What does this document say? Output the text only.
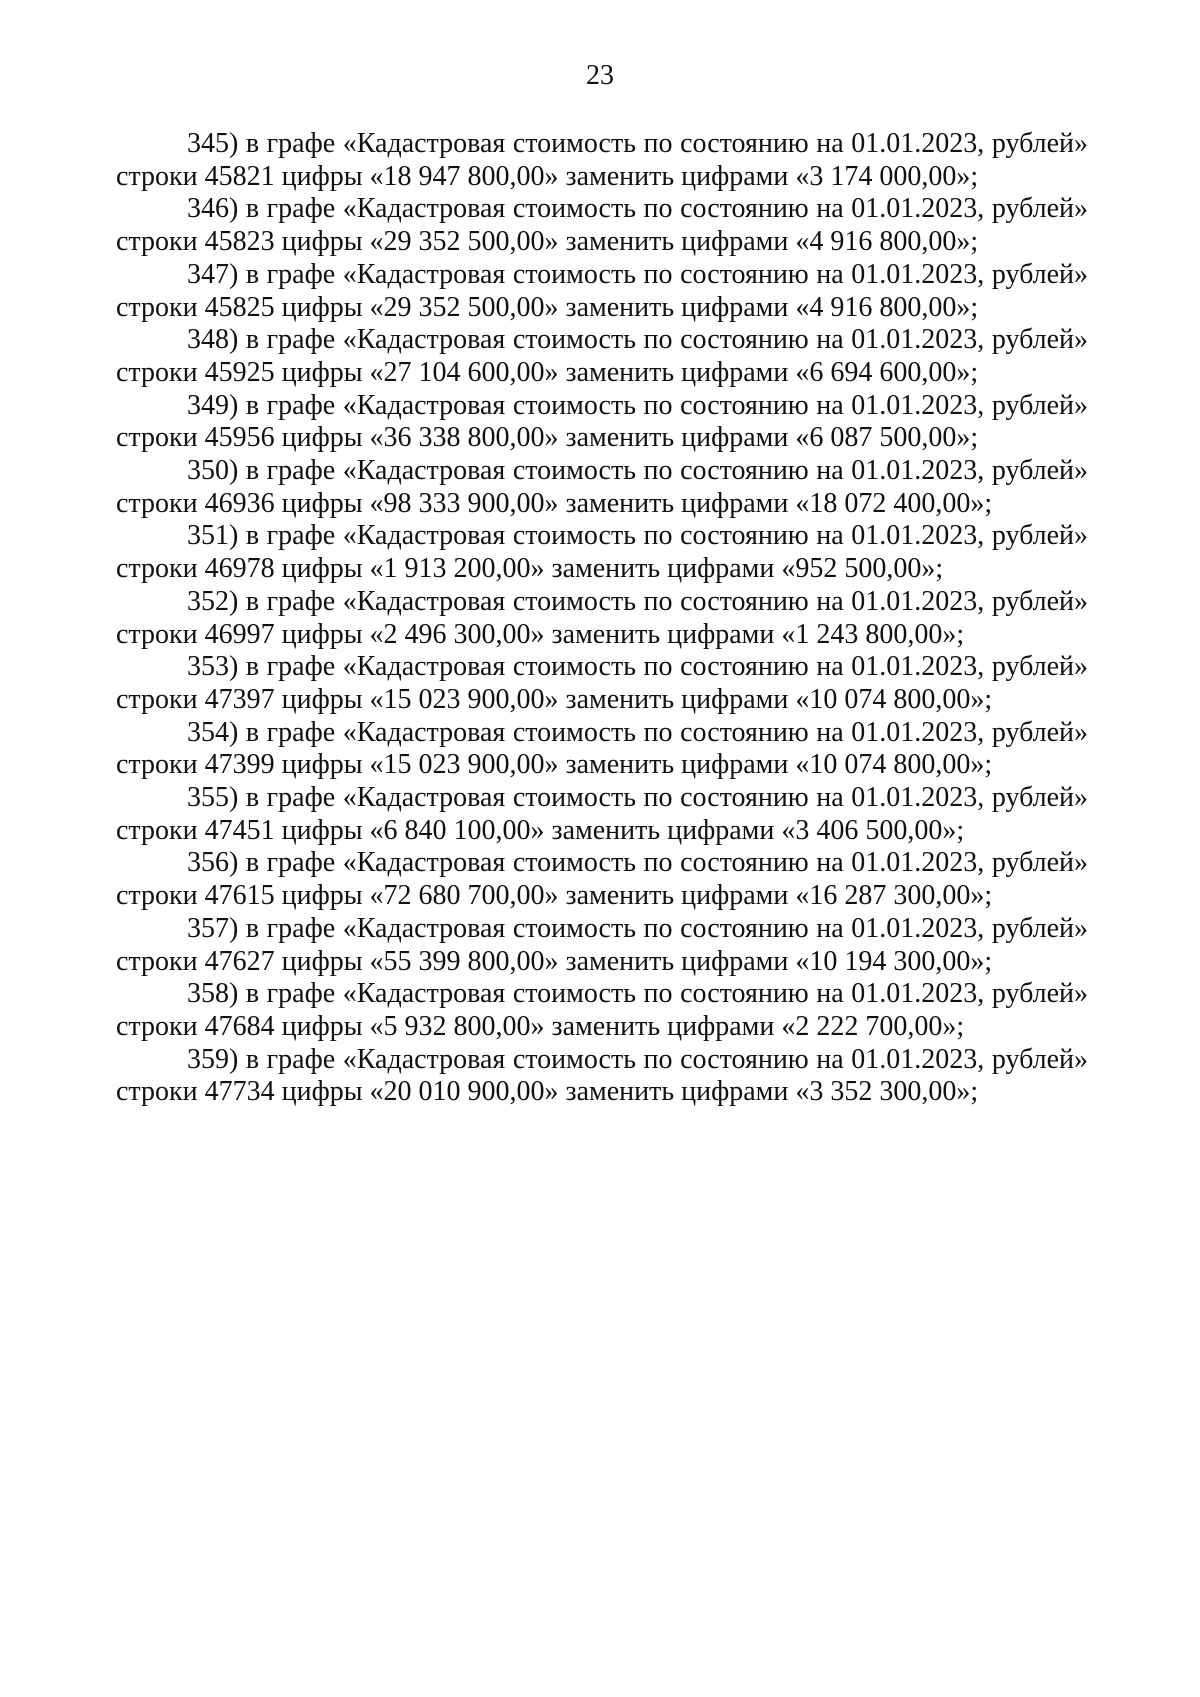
23

345) в графе «Кадастровая стоимость по состоянию на 01.01.2023, рублей» строки 45821 цифры «18 947 800,00» заменить цифрами «3 174 000,00»;

346) в графе «Кадастровая стоимость по состоянию на 01.01.2023, рублей» строки 45823 цифры «29 352 500,00» заменить цифрами «4 916 800,00»;

347) в графе «Кадастровая стоимость по состоянию на 01.01.2023, рублей» строки 45825 цифры «29 352 500,00» заменить цифрами «4 916 800,00»;

348) в графе «Кадастровая стоимость по состоянию на 01.01.2023, рублей» строки 45925 цифры «27 104 600,00» заменить цифрами «6 694 600,00»;

349) в графе «Кадастровая стоимость по состоянию на 01.01.2023, рублей» строки 45956 цифры «36 338 800,00» заменить цифрами «6 087 500,00»;

350) в графе «Кадастровая стоимость по состоянию на 01.01.2023, рублей» строки 46936 цифры «98 333 900,00» заменить цифрами «18 072 400,00»;

351) в графе «Кадастровая стоимость по состоянию на 01.01.2023, рублей» строки 46978 цифры «1 913 200,00» заменить цифрами «952 500,00»;

352) в графе «Кадастровая стоимость по состоянию на 01.01.2023, рублей» строки 46997 цифры «2 496 300,00» заменить цифрами «1 243 800,00»;

353) в графе «Кадастровая стоимость по состоянию на 01.01.2023, рублей» строки 47397 цифры «15 023 900,00» заменить цифрами «10 074 800,00»;

354) в графе «Кадастровая стоимость по состоянию на 01.01.2023, рублей» строки 47399 цифры «15 023 900,00» заменить цифрами «10 074 800,00»;

355) в графе «Кадастровая стоимость по состоянию на 01.01.2023, рублей» строки 47451 цифры «6 840 100,00» заменить цифрами «3 406 500,00»;

356) в графе «Кадастровая стоимость по состоянию на 01.01.2023, рублей» строки 47615 цифры «72 680 700,00» заменить цифрами «16 287 300,00»;

357) в графе «Кадастровая стоимость по состоянию на 01.01.2023, рублей» строки 47627 цифры «55 399 800,00» заменить цифрами «10 194 300,00»;

358) в графе «Кадастровая стоимость по состоянию на 01.01.2023, рублей» строки 47684 цифры «5 932 800,00» заменить цифрами «2 222 700,00»;

359) в графе «Кадастровая стоимость по состоянию на 01.01.2023, рублей» строки 47734 цифры «20 010 900,00» заменить цифрами «3 352 300,00»;
